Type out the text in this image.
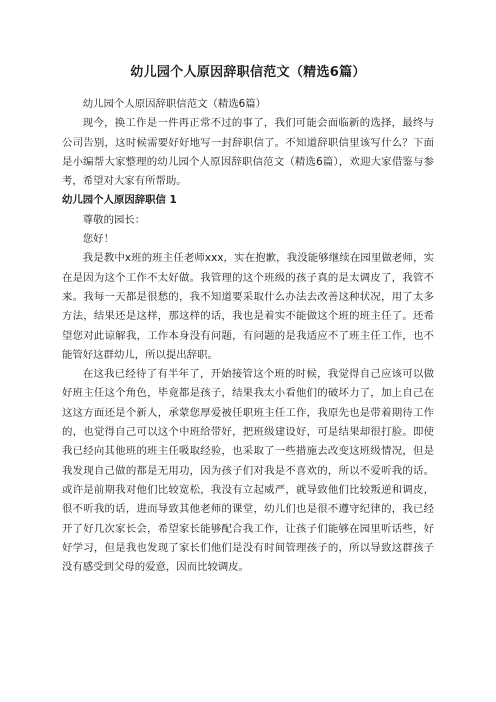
幼儿园个人原因辞职信范文（精选6篇）

幼儿园个人原因辞职信范文（精选6篇）

现今，换工作是一件再正常不过的事了，我们可能会面临新的选择，最终与公司告别，这时候需要好好地写一封辞职信了。不知道辞职信里该写什么？下面是小编帮大家整理的幼儿园个人原因辞职信范文（精选6篇），欢迎大家借鉴与参考，希望对大家有所帮助。

幼儿园个人原因辞职信 1

尊敬的园长：

您好！

我是教中x班的班主任老师xxx，实在抱歉，我没能够继续在园里做老师，实在是因为这个工作不太好做。我管理的这个班级的孩子真的是太调皮了，我管不来。我每一天都是很愁的，我不知道要采取什么办法去改善这种状况，用了太多方法，结果还是这样，那这样的话，我也是着实不能做这个班的班主任了。还希望您对此谅解我，工作本身没有问题，有问题的是我适应不了班主任工作，也不能管好这群幼儿，所以提出辞职。

在这我已经待了有半年了，开始接管这个班的时候，我觉得自己应该可以做好班主任这个角色，毕竟都是孩子，结果我太小看他们的破坏力了，加上自己在这这方面还是个新人，承蒙您厚爱被任职班主任工作，我原先也是带着期待工作的，也觉得自己可以这个中班给带好，把班级建设好，可是结果却很打脸。即使我已经向其他班的班主任吸取经验，也采取了一些措施去改变这班级情况，但是我发现自己做的都是无用功，因为孩子们对我是不喜欢的，所以不爱听我的话。或许是前期我对他们比较宽松，我没有立起威严，就导致他们比较叛逆和调皮，很不听我的话，进而导致其他老师的课堂，幼儿们也是很不遵守纪律的，我已经开了好几次家长会，希望家长能够配合我工作，让孩子们能够在园里听话些，好好学习，但是我也发现了家长们他们是没有时间管理孩子的，所以导致这群孩子没有感受到父母的爱意，因而比较调皮。
